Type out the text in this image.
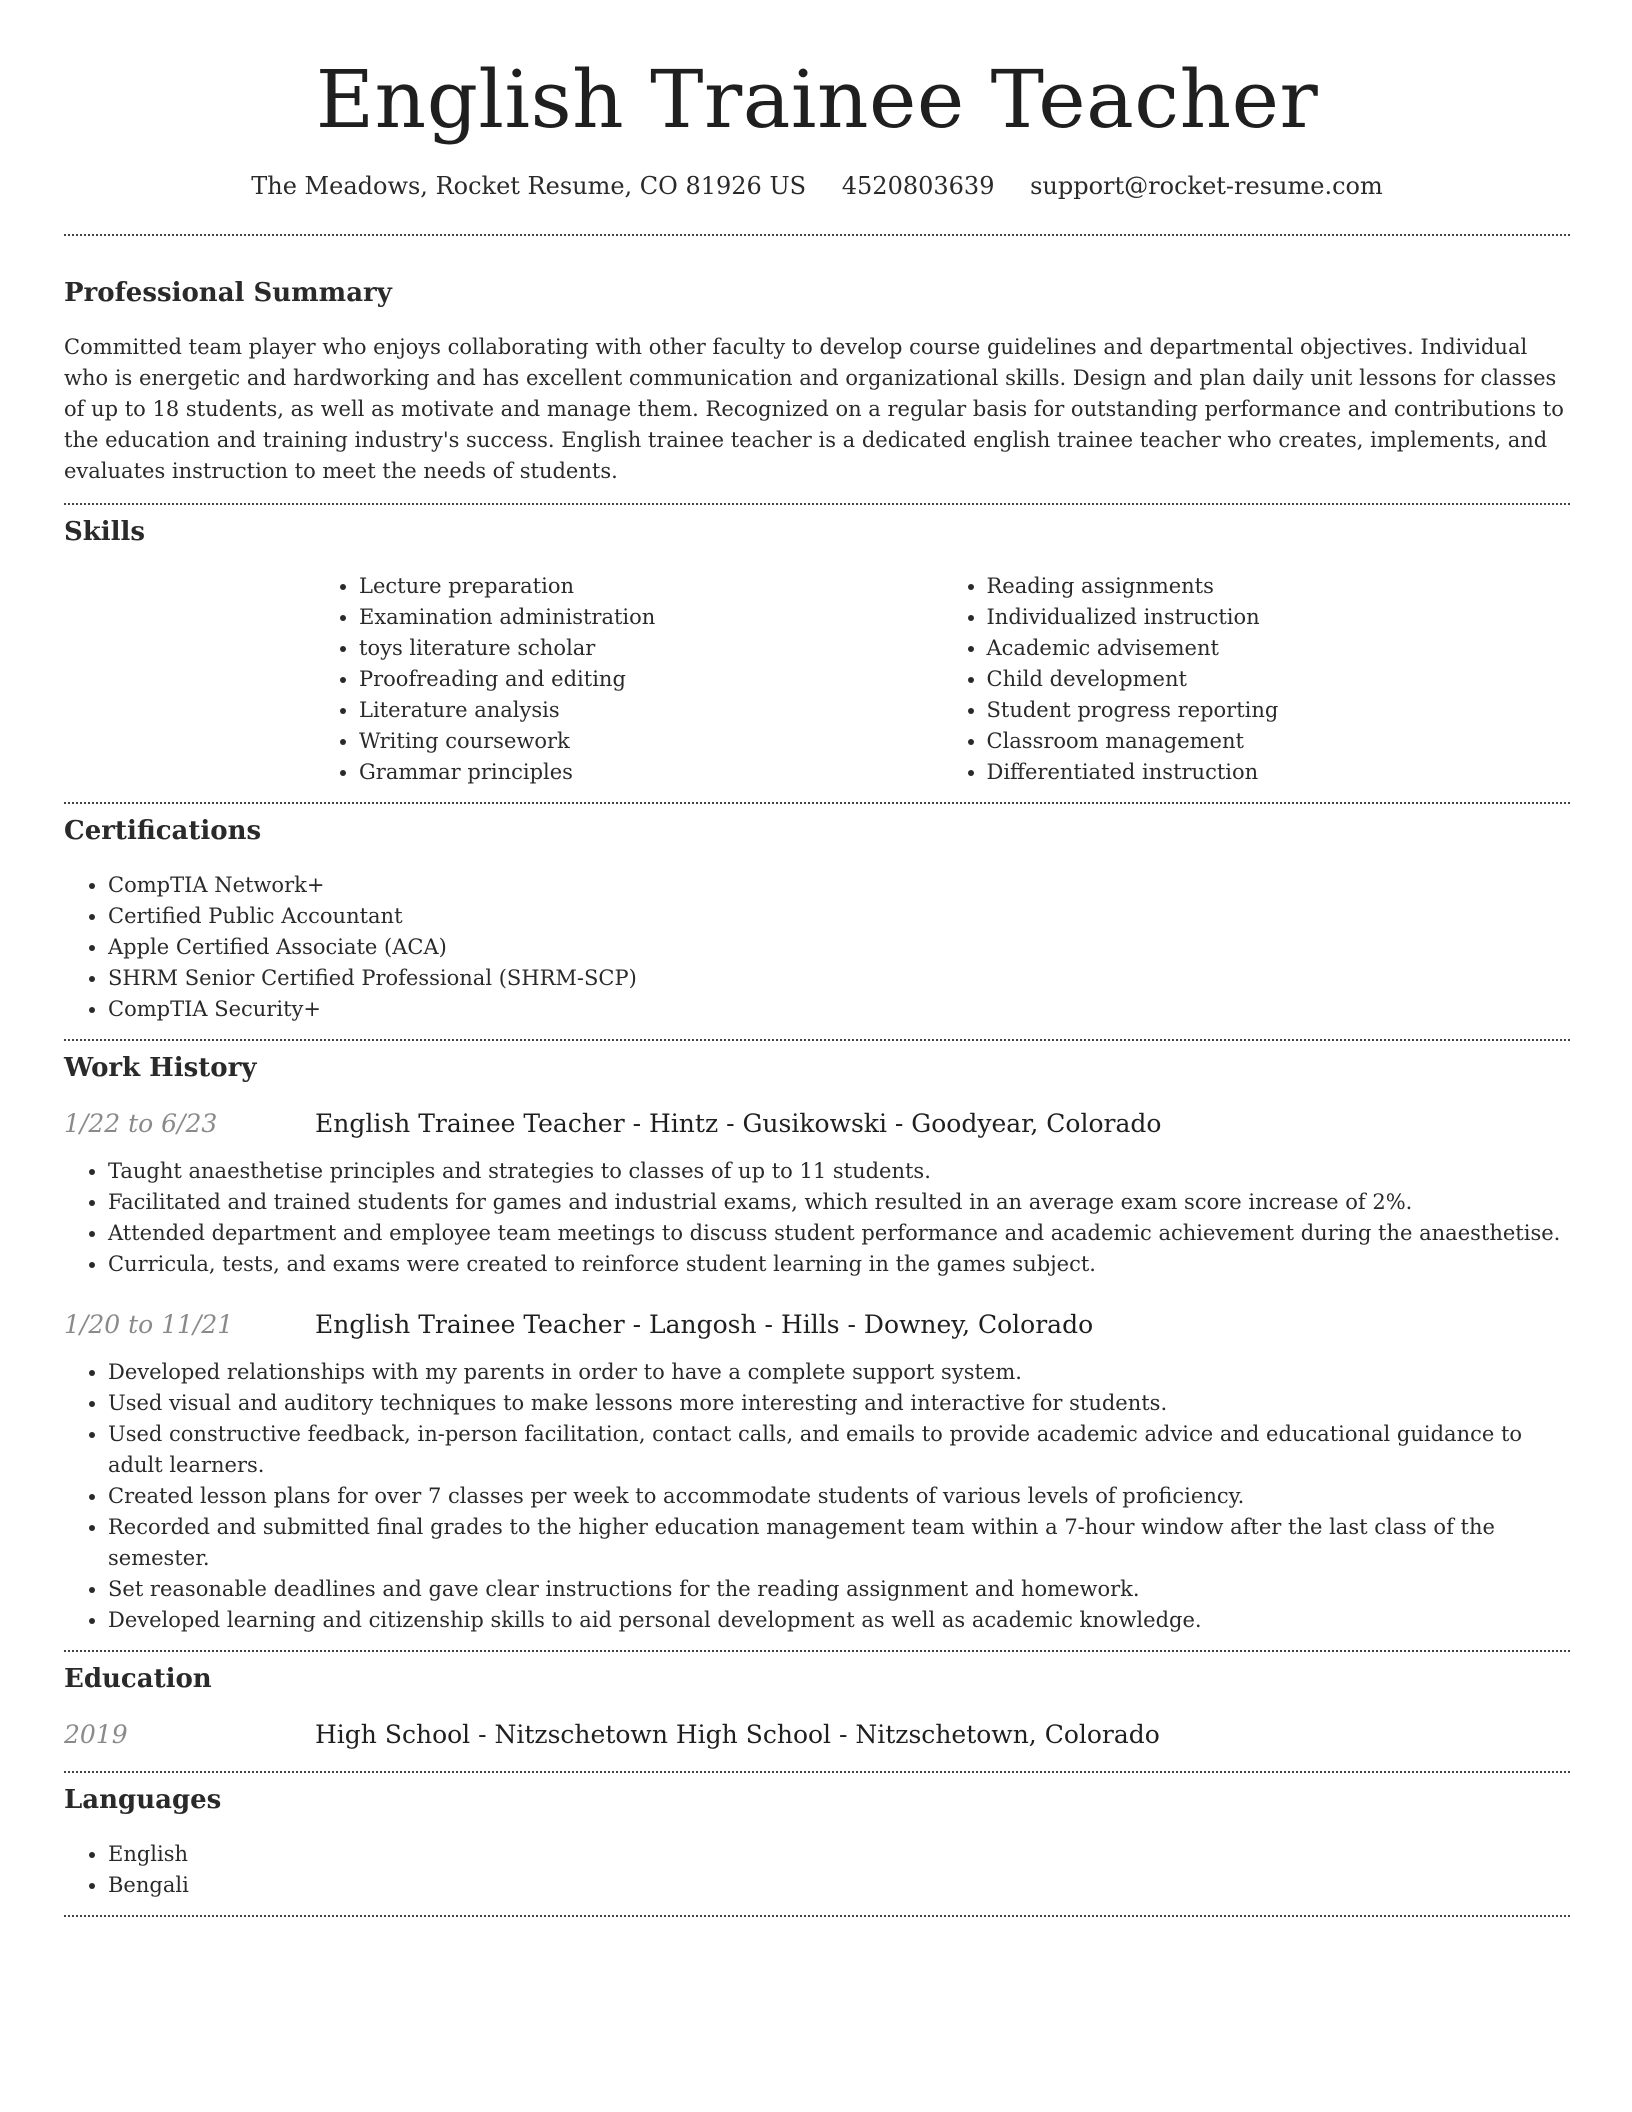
English Trainee Teacher
The Meadows, Rocket Resume, CO 81926 US 4520803639 support@rocket-resume.com
Professional Summary

Committed team player who enjoys collaborating with other faculty to develop course guidelines and departmental objectives. Individual who is energetic and hardworking and has excellent communication and organizational skills. Design and plan daily unit lessons for classes of up to 18 students, as well as motivate and manage them. Recognized on a regular basis for outstanding performance and contributions to the education and training industry's success. English trainee teacher is a dedicated english trainee teacher who creates, implements, and evaluates instruction to meet the needs of students.

Skills
• Lecture preparation
• Examination administration
• toys literature scholar
• Proofreading and editing
• Literature analysis
• Writing coursework
• Grammar principles
• Reading assignments
• Individualized instruction
• Academic advisement
• Child development
• Student progress reporting
• Classroom management
• Differentiated instruction
Certifications
• CompTIA Network+
• Certified Public Accountant
• Apple Certified Associate (ACA)
• SHRM Senior Certified Professional (SHRM-SCP)
• CompTIA Security+
Work History
1/22 to 6/23	English Trainee Teacher - Hintz - Gusikowski - Goodyear, Colorado
• Taught anaesthetise principles and strategies to classes of up to 11 students.
• Facilitated and trained students for games and industrial exams, which resulted in an average exam score increase of 2%.
• Attended department and employee team meetings to discuss student performance and academic achievement during the anaesthetise.
• Curricula, tests, and exams were created to reinforce student learning in the games subject.
1/20 to 11/21	English Trainee Teacher - Langosh - Hills - Downey, Colorado
• Developed relationships with my parents in order to have a complete support system.
• Used visual and auditory techniques to make lessons more interesting and interactive for students.
• Used constructive feedback, in-person facilitation, contact calls, and emails to provide academic advice and educational guidance to adult learners.
• Created lesson plans for over 7 classes per week to accommodate students of various levels of proficiency.
• Recorded and submitted final grades to the higher education management team within a 7-hour window after the last class of the semester.
• Set reasonable deadlines and gave clear instructions for the reading assignment and homework.
• Developed learning and citizenship skills to aid personal development as well as academic knowledge.
Education
2019	High School - Nitzschetown High School - Nitzschetown, Colorado
Languages
• English
• Bengali
